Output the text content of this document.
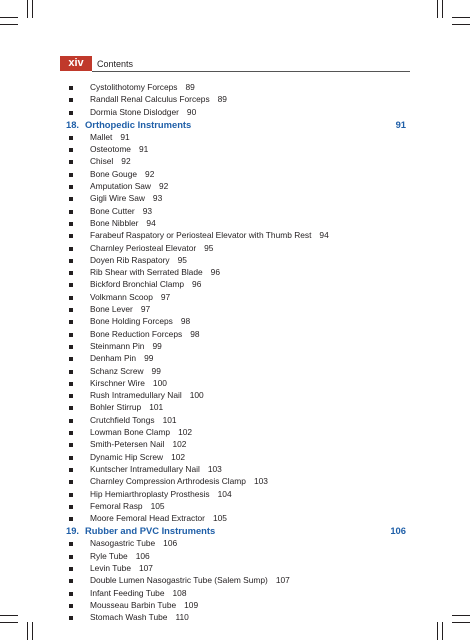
xiv	Contents
Cystolithotomy Forceps 89
Randall Renal Calculus Forceps 89
Dormia Stone Dislodger 90
18. Orthopedic Instruments	91
Mallet 91
Osteotome 91
Chisel 92
Bone Gouge 92
Amputation Saw 92
Gigli Wire Saw 93
Bone Cutter 93
Bone Nibbler 94
Farabeuf Raspatory or Periosteal Elevator with Thumb Rest 94
Charnley Periosteal Elevator 95
Doyen Rib Raspatory 95
Rib Shear with Serrated Blade 96
Bickford Bronchial Clamp 96
Volkmann Scoop 97
Bone Lever 97
Bone Holding Forceps 98
Bone Reduction Forceps 98
Steinmann Pin 99
Denham Pin 99
Schanz Screw 99
Kirschner Wire 100
Rush Intramedullary Nail 100
Bohler Stirrup 101
Crutchfield Tongs 101
Lowman Bone Clamp 102
Smith-Petersen Nail 102
Dynamic Hip Screw 102
Kuntscher Intramedullary Nail 103
Charnley Compression Arthrodesis Clamp 103
Hip Hemiarthroplasty Prosthesis 104
Femoral Rasp 105
Moore Femoral Head Extractor 105
19. Rubber and PVC Instruments	106
Nasogastric Tube 106
Ryle Tube 106
Levin Tube 107
Double Lumen Nasogastric Tube (Salem Sump) 107
Infant Feeding Tube 108
Mousseau Barbin Tube 109
Stomach Wash Tube 110
